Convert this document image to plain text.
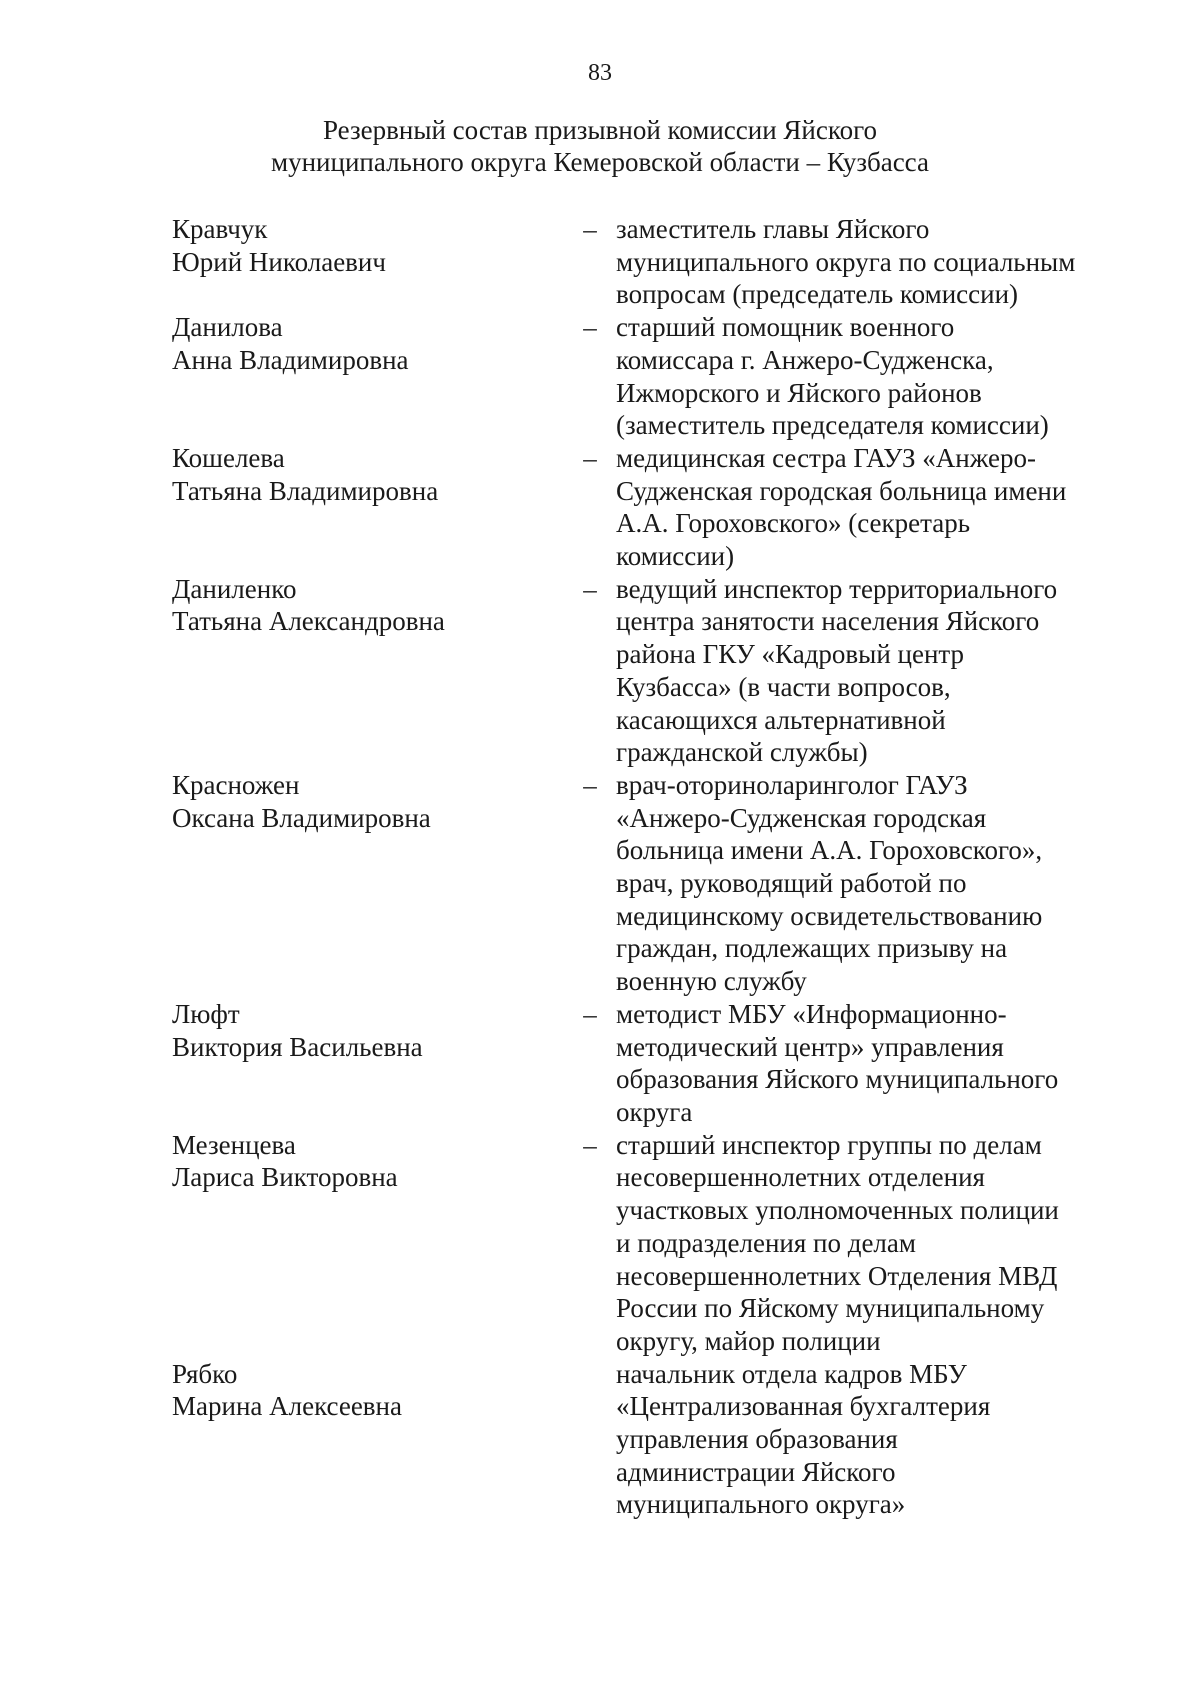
83
Резервный состав призывной комиссии Яйского
муниципального округа Кемеровской области – Кузбасса
Кравчук
Юрий Николаевич
– заместитель главы Яйского
муниципального округа по социальным
вопросам (председатель комиссии)
Данилова
Анна Владимировна
– старший помощник военного
комиссара г. Анжеро-Судженска,
Ижморского и Яйского районов
(заместитель председателя комиссии)
Кошелева
Татьяна Владимировна
– медицинская сестра ГАУЗ «Анжеро-
Судженская городская больница имени
А.А. Гороховского» (секретарь
комиссии)
Даниленко
Татьяна Александровна
– ведущий инспектор территориального
центра занятости населения Яйского
района ГКУ «Кадровый центр
Кузбасса» (в части вопросов,
касающихся альтернативной
гражданской службы)
Красножен
Оксана Владимировна
– врач-оториноларинголог ГАУЗ
«Анжеро-Судженская городская
больница имени А.А. Гороховского»,
врач, руководящий работой по
медицинскому освидетельствованию
граждан, подлежащих призыву на
военную службу
Люфт
Виктория Васильевна
– методист МБУ «Информационно-
методический центр» управления
образования Яйского муниципального
округа
Мезенцева
Лариса Викторовна
– старший инспектор группы по делам
несовершеннолетних отделения
участковых уполномоченных полиции
и подразделения по делам
несовершеннолетних Отделения МВД
России по Яйскому муниципальному
округу, майор полиции
Рябко
Марина Алексеевна
начальник отдела кадров МБУ
«Централизованная бухгалтерия
управления образования
администрации Яйского
муниципального округа»
